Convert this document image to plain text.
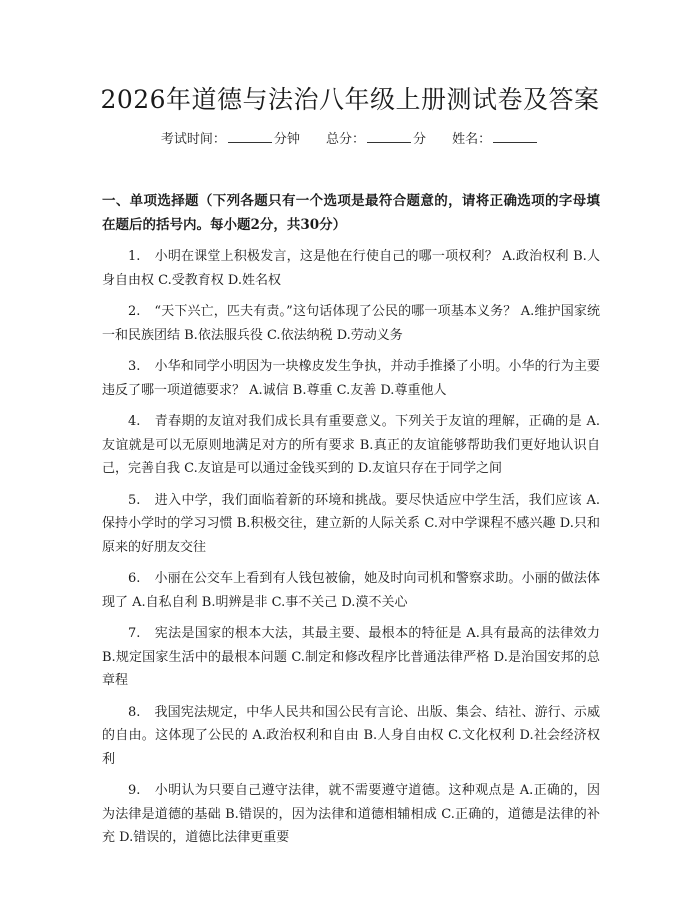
2026年道德与法治八年级上册测试卷及答案
考试时间：	分钟 总分：	分 姓名：
一、单项选择题（下列各题只有一个选项是最符合题意的，请将正确选项的字母填在题后的括号内。每小题2分，共30分）

1. 小明在课堂上积极发言，这是他在行使自己的哪一项权利？ A.政治权利 B.人身自由权 C.受教育权 D.姓名权

2. “天下兴亡，匹夫有责。”这句话体现了公民的哪一项基本义务？ A.维护国家统一和民族团结 B.依法服兵役 C.依法纳税 D.劳动义务

3. 小华和同学小明因为一块橡皮发生争执，并动手推搡了小明。小华的行为主要违反了哪一项道德要求？ A.诚信 B.尊重 C.友善 D.尊重他人

4. 青春期的友谊对我们成长具有重要意义。下列关于友谊的理解，正确的是 A.友谊就是可以无原则地满足对方的所有要求 B.真正的友谊能够帮助我们更好地认识自己，完善自我 C.友谊是可以通过金钱买到的 D.友谊只存在于同学之间

5. 进入中学，我们面临着新的环境和挑战。要尽快适应中学生活，我们应该 A.保持小学时的学习习惯 B.积极交往，建立新的人际关系 C.对中学课程不感兴趣 D.只和原来的好朋友交往

6. 小丽在公交车上看到有人钱包被偷，她及时向司机和警察求助。小丽的做法体现了 A.自私自利 B.明辨是非 C.事不关己 D.漠不关心

7. 宪法是国家的根本大法，其最主要、最根本的特征是 A.具有最高的法律效力 B.规定国家生活中的最根本问题 C.制定和修改程序比普通法律严格 D.是治国安邦的总章程

8. 我国宪法规定，中华人民共和国公民有言论、出版、集会、结社、游行、示威的自由。这体现了公民的 A.政治权利和自由 B.人身自由权 C.文化权利 D.社会经济权利

9. 小明认为只要自己遵守法律，就不需要遵守道德。这种观点是 A.正确的，因为法律是道德的基础 B.错误的，因为法律和道德相辅相成 C.正确的，道德是法律的补充 D.错误的，道德比法律更重要
